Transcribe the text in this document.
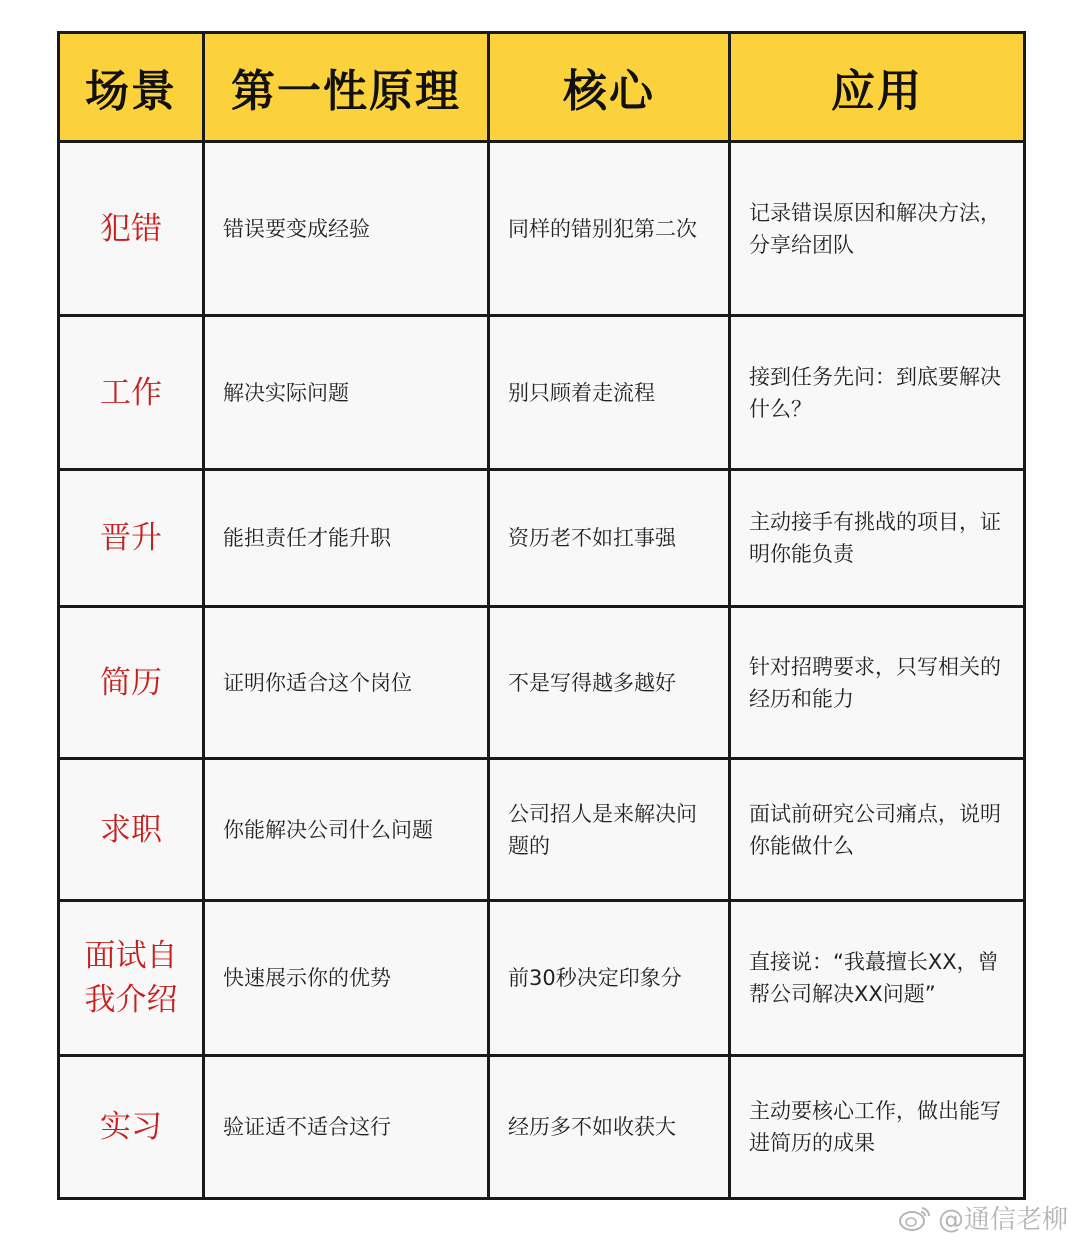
场景	第一性原理	核心	应用

犯错	错误要变成经验	同样的错别犯第二次	记录错误原因和解决方法，分享给团队

工作	解决实际问题	别只顾着走流程	接到任务先问：到底要解决什么？

晋升	能担责任才能升职	资历老不如扛事强	主动接手有挑战的项目，证明你能负责

简历	证明你适合这个岗位	不是写得越多越好	针对招聘要求，只写相关的经历和能力

求职	你能解决公司什么问题	公司招人是来解决问题的	面试前研究公司痛点，说明你能做什么

面试自我介绍	快速展示你的优势	前30秒决定印象分	直接说：“我蕞擅长XX，曾帮公司解决XX问题”

实习	验证适不适合这行	经历多不如收获大	主动要核心工作，做出能写进简历的成果
@通信老柳
